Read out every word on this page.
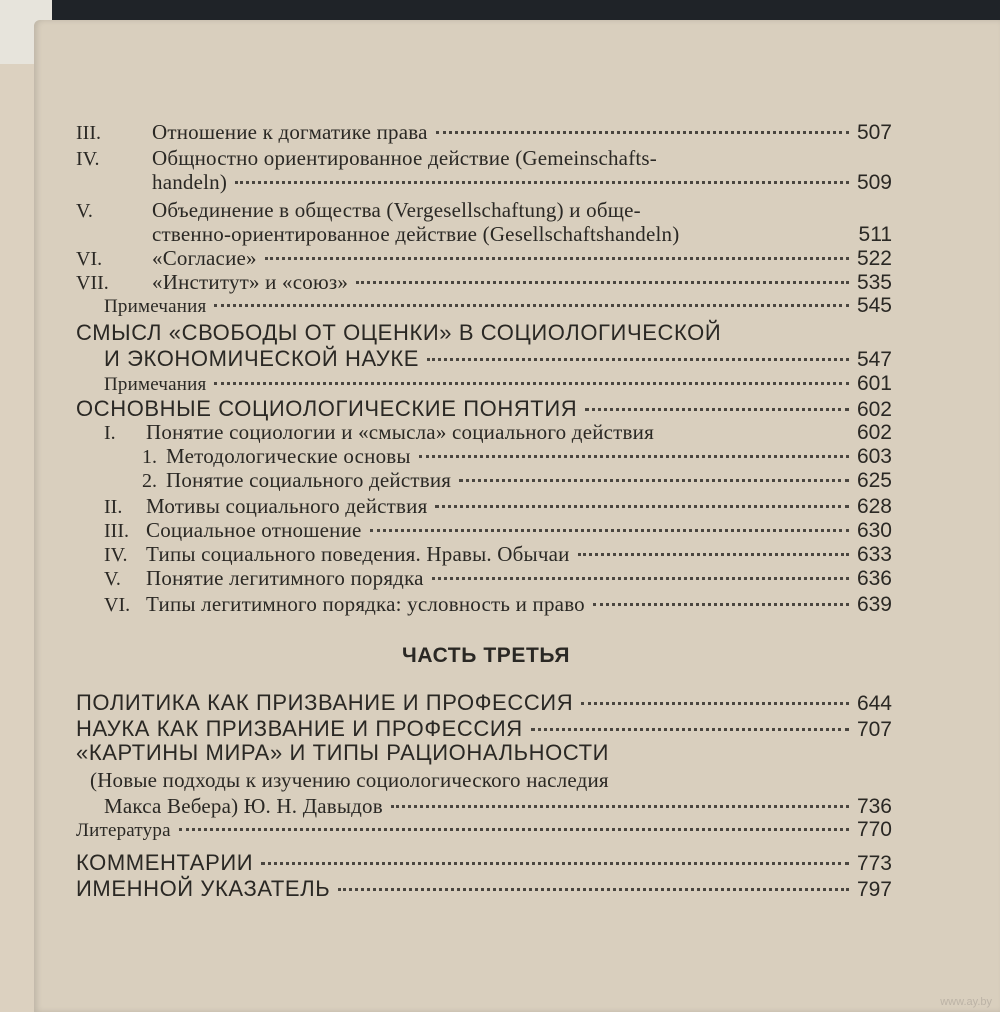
III.	Отношение к догматике права	507
IV.	Общностно ориентированное действие (Gemeinschafts-
handeln)	509
V.	Объединение в общества (Vergesellschaftung) и обще-
ственно-ориентированное действие (Gesellschaftshandeln)	511
VI.	«Согласие»	522
VII.	«Институт» и «союз»	535
Примечания	545
СМЫСЛ «СВОБОДЫ ОТ ОЦЕНКИ» В СОЦИОЛОГИЧЕСКОЙ
И ЭКОНОМИЧЕСКОЙ НАУКЕ	547
Примечания	601
ОСНОВНЫЕ СОЦИОЛОГИЧЕСКИЕ ПОНЯТИЯ	602
I.	Понятие социологии и «смысла» социального действия	602
1. Методологические основы	603
2. Понятие социального действия	625
II.	Мотивы социального действия	628
III. Социальное отношение	630
IV. Типы социального поведения. Нравы. Обычаи	633
V.	Понятие легитимного порядка	636
VI. Типы легитимного порядка: условность и право	639
ЧАСТЬ ТРЕТЬЯ
ПОЛИТИКА КАК ПРИЗВАНИЕ И ПРОФЕССИЯ	644
НАУКА КАК ПРИЗВАНИЕ И ПРОФЕССИЯ	707
«КАРТИНЫ МИРА» И ТИПЫ РАЦИОНАЛЬНОСТИ
(Новые подходы к изучению социологического наследия
Макса Вебера) Ю. Н. Давыдов	736
Литература	770
КОММЕНТАРИИ	773
ИМЕННОЙ УКАЗАТЕЛЬ	797
www.ay.by
